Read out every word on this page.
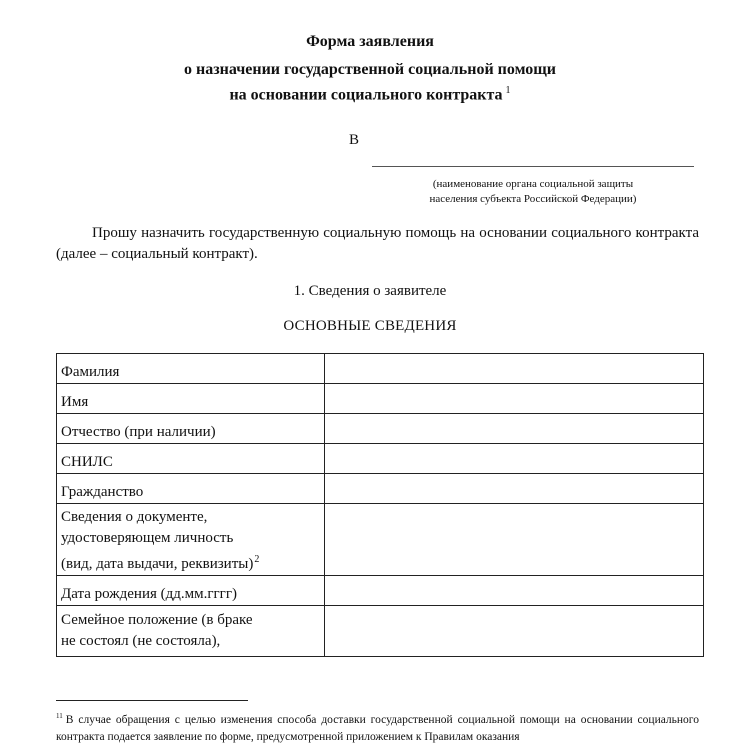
Форма заявления
о назначении государственной социальной помощи
на основании социального контракта $^1$
В
(наименование органа социальной защиты
населения субъекта Российской Федерации)
Прошу назначить государственную социальную помощь на основании социального контракта (далее – социальный контракт).
1. Сведения о заявителе
ОСНОВНЫЕ СВЕДЕНИЯ
Фамилия	
Имя	
Отчество (при наличии)	
СНИЛС	
Гражданство	

Сведения о документе,
удостоверяющем личность
(вид, дата выдачи, реквизиты)$^2$

Дата рождения (дд.мм.гггг)	

Семейное положение (в браке
не состоял (не состояла),	

$^{11}$ В случае обращения с целью изменения способа доставки государственной социальной помощи на основании социального контракта подается заявление по форме, предусмотренной приложением к Правилам оказания
